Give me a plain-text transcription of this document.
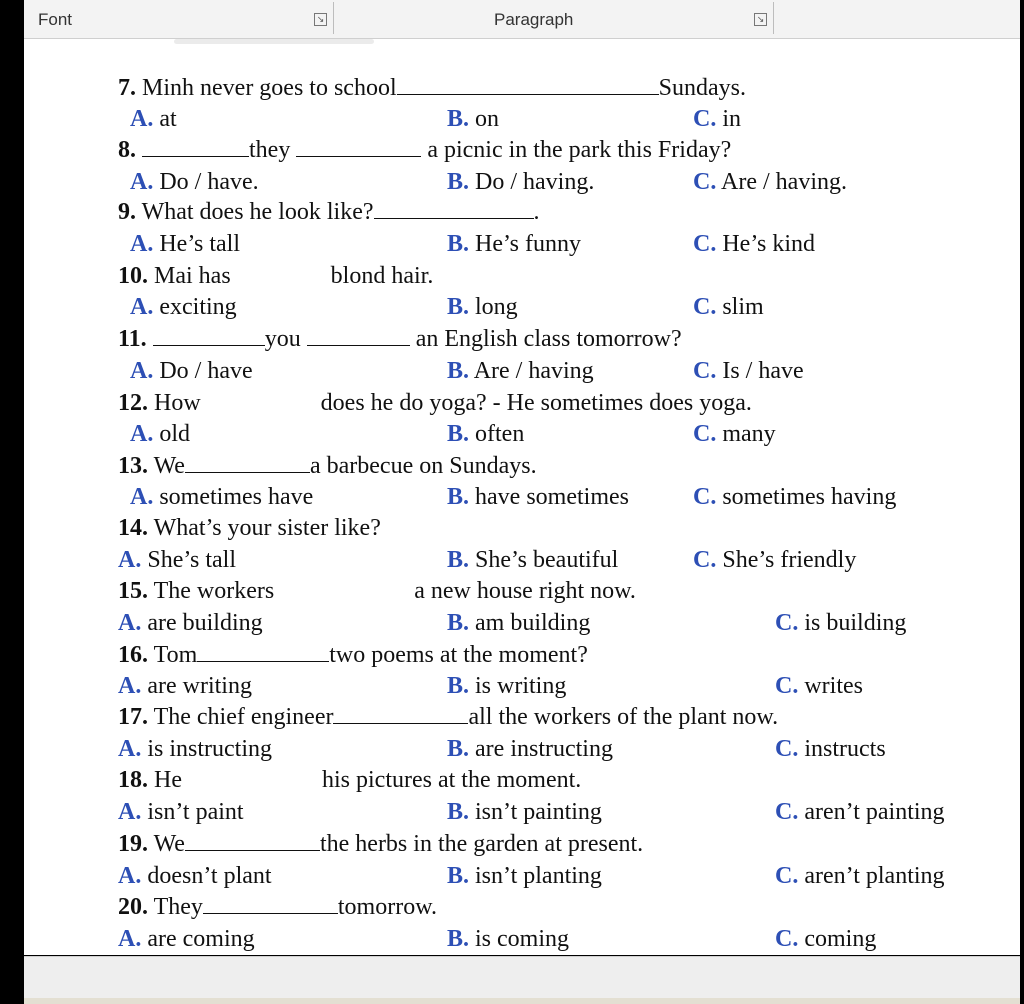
Font	↘	Paragraph	↘
7. Minh never goes to school	Sundays.
A. at	B. on	C. in
8.	they	a picnic in the park this Friday?
A. Do / have.	B. Do / having.	C. Are / having.
9. What does he look like?	.
A. He’s tall	B. He’s funny	C. He’s kind
10. Mai has	blond hair.
A. exciting	B. long	C. slim
11.	you	an English class tomorrow?
A. Do / have	B. Are / having	C. Is / have
12. How	does he do yoga? - He sometimes does yoga.
A. old	B. often	C. many
13. We	a barbecue on Sundays.
A. sometimes have	B. have sometimes	C. sometimes having
14. What’s your sister like?
A. She’s tall	B. She’s beautiful	C. She’s friendly
15. The workers	a new house right now.
A. are building	B. am building	C. is building
16. Tom	two poems at the moment?
A. are writing	B. is writing	C. writes
17. The chief engineer	all the workers of the plant now.
A. is instructing	B. are instructing	C. instructs
18. He	his pictures at the moment.
A. isn’t paint	B. isn’t painting	C. aren’t painting
19. We	the herbs in the garden at present.
A. doesn’t plant	B. isn’t planting	C. aren’t planting
20. They	tomorrow.
A. are coming	B. is coming	C. coming
